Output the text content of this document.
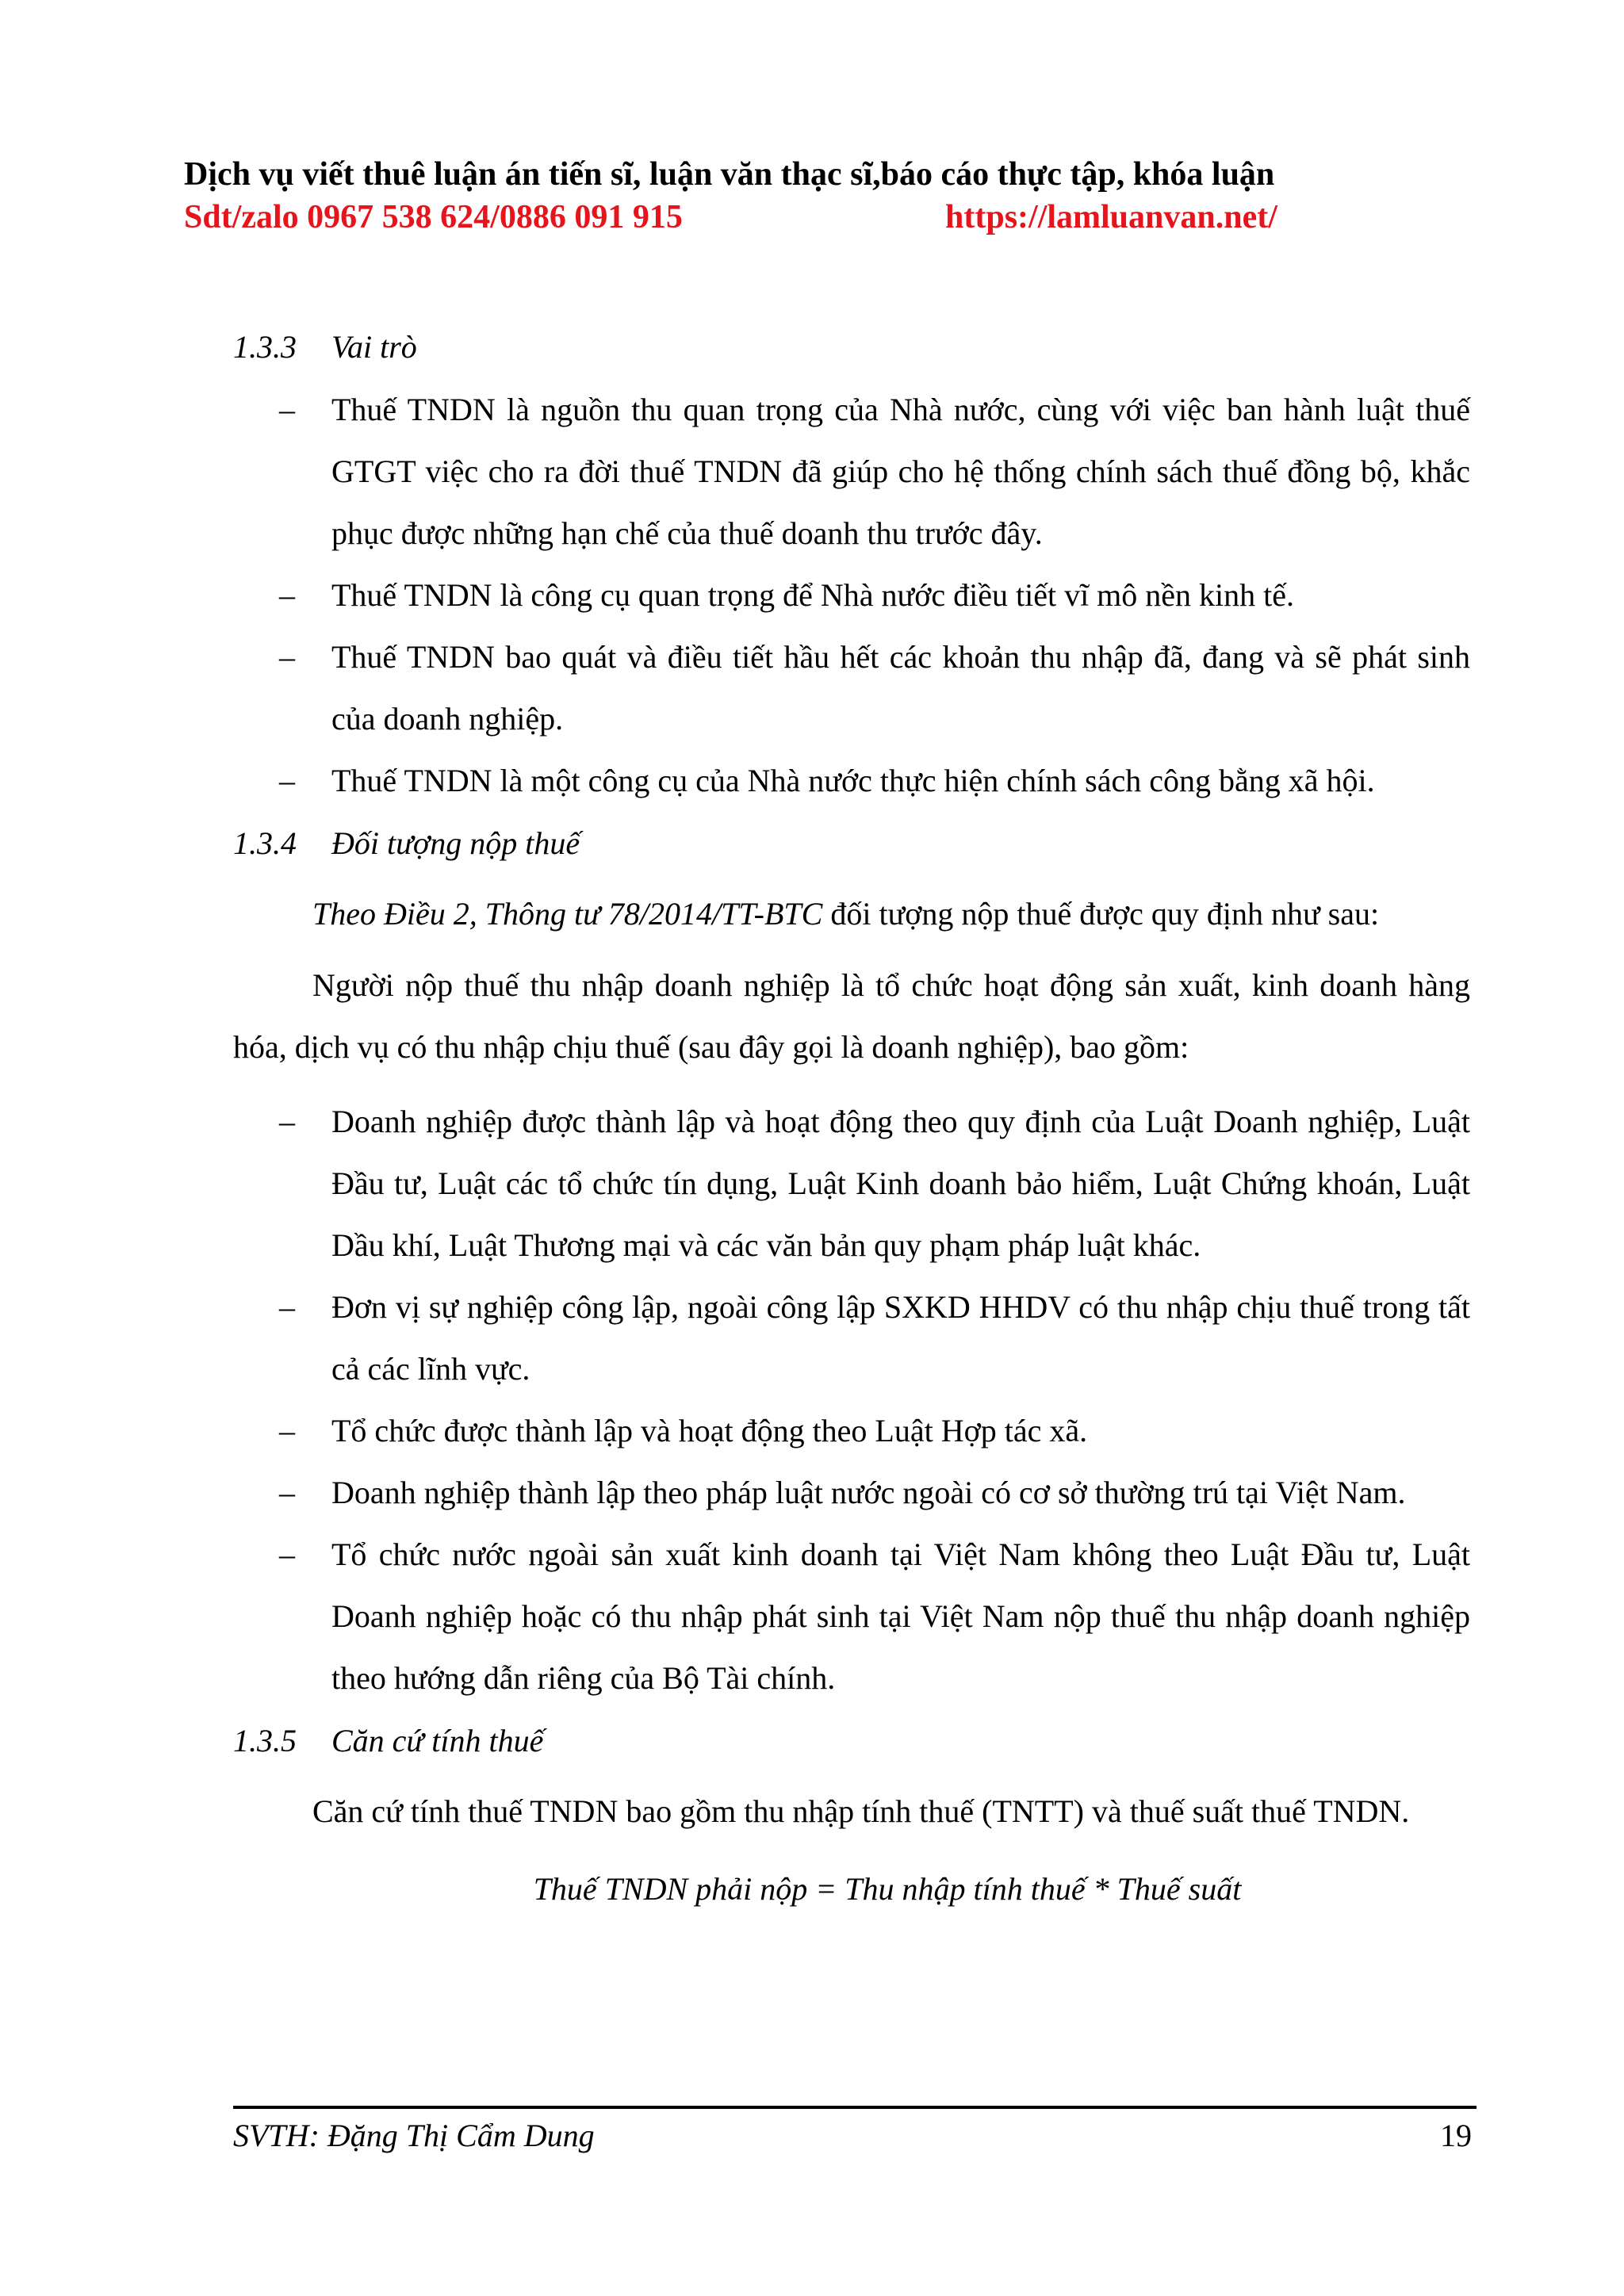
Dịch vụ viết thuê luận án tiến sĩ, luận văn thạc sĩ,báo cáo thực tập, khóa luận
Sdt/zalo 0967 538 624/0886 091 915	https://lamluanvan.net/
1.3.3 Vai trò
– Thuế TNDN là nguồn thu quan trọng của Nhà nước, cùng với việc ban hành luật thuế GTGT việc cho ra đời thuế TNDN đã giúp cho hệ thống chính sách thuế đồng bộ, khắc phục được những hạn chế của thuế doanh thu trước đây.
– Thuế TNDN là công cụ quan trọng để Nhà nước điều tiết vĩ mô nền kinh tế.
– Thuế TNDN bao quát và điều tiết hầu hết các khoản thu nhập đã, đang và sẽ phát sinh của doanh nghiệp.
– Thuế TNDN là một công cụ của Nhà nước thực hiện chính sách công bằng xã hội.
1.3.4 Đối tượng nộp thuế
Theo Điều 2, Thông tư 78/2014/TT-BTC đối tượng nộp thuế được quy định như sau:
Người nộp thuế thu nhập doanh nghiệp là tổ chức hoạt động sản xuất, kinh doanh hàng hóa, dịch vụ có thu nhập chịu thuế (sau đây gọi là doanh nghiệp), bao gồm:
– Doanh nghiệp được thành lập và hoạt động theo quy định của Luật Doanh nghiệp, Luật Đầu tư, Luật các tổ chức tín dụng, Luật Kinh doanh bảo hiểm, Luật Chứng khoán, Luật Dầu khí, Luật Thương mại và các văn bản quy phạm pháp luật khác.
– Đơn vị sự nghiệp công lập, ngoài công lập SXKD HHDV có thu nhập chịu thuế trong tất cả các lĩnh vực.
– Tổ chức được thành lập và hoạt động theo Luật Hợp tác xã.
– Doanh nghiệp thành lập theo pháp luật nước ngoài có cơ sở thường trú tại Việt Nam.
– Tổ chức nước ngoài sản xuất kinh doanh tại Việt Nam không theo Luật Đầu tư, Luật Doanh nghiệp hoặc có thu nhập phát sinh tại Việt Nam nộp thuế thu nhập doanh nghiệp theo hướng dẫn riêng của Bộ Tài chính.
1.3.5 Căn cứ tính thuế
Căn cứ tính thuế TNDN bao gồm thu nhập tính thuế (TNTT) và thuế suất thuế TNDN.
Thuế TNDN phải nộp = Thu nhập tính thuế * Thuế suất
SVTH: Đặng Thị Cẩm Dung	19
